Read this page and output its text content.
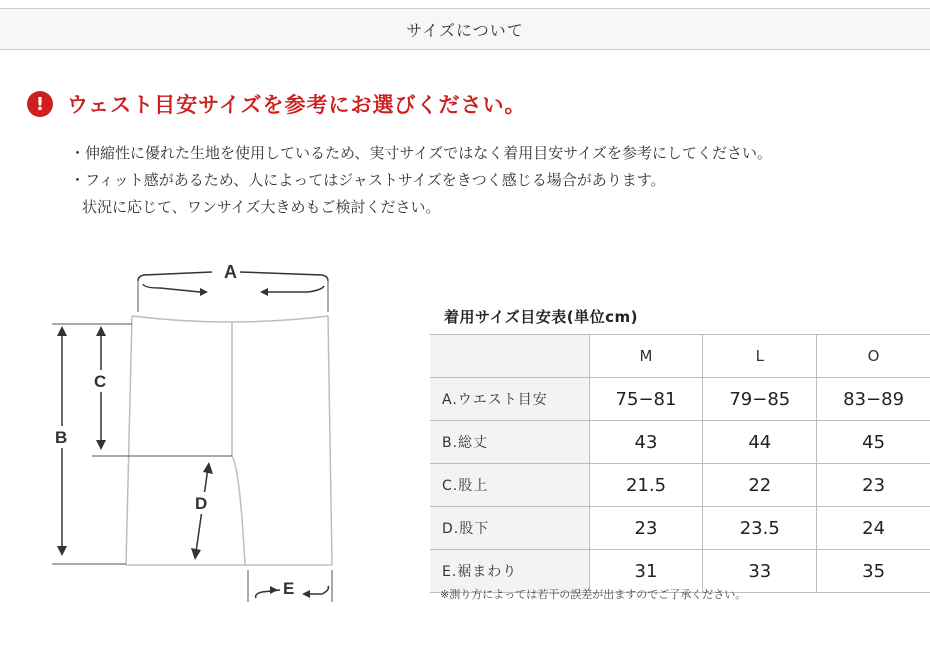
サイズについて
!	ウェスト目安サイズを参考にお選びください。
・伸縮性に優れた生地を使用しているため、実寸サイズではなく着用目安サイズを参考にしてください。
・フィット感があるため、人によってはジャストサイズをきつく感じる場合があります。
状況に応じて、ワンサイズ大きめもご検討ください。
A
B
C
D
E
着用サイズ目安表(単位cm)
	M	L	O
A.ウエスト目安	75−81	79−85	83−89
B.総丈	43	44	45
C.股上	21.5	22	23
D.股下	23	23.5	24
E.裾まわり	31	33	35
※測り方によっては若干の誤差が出ますのでご了承ください。
